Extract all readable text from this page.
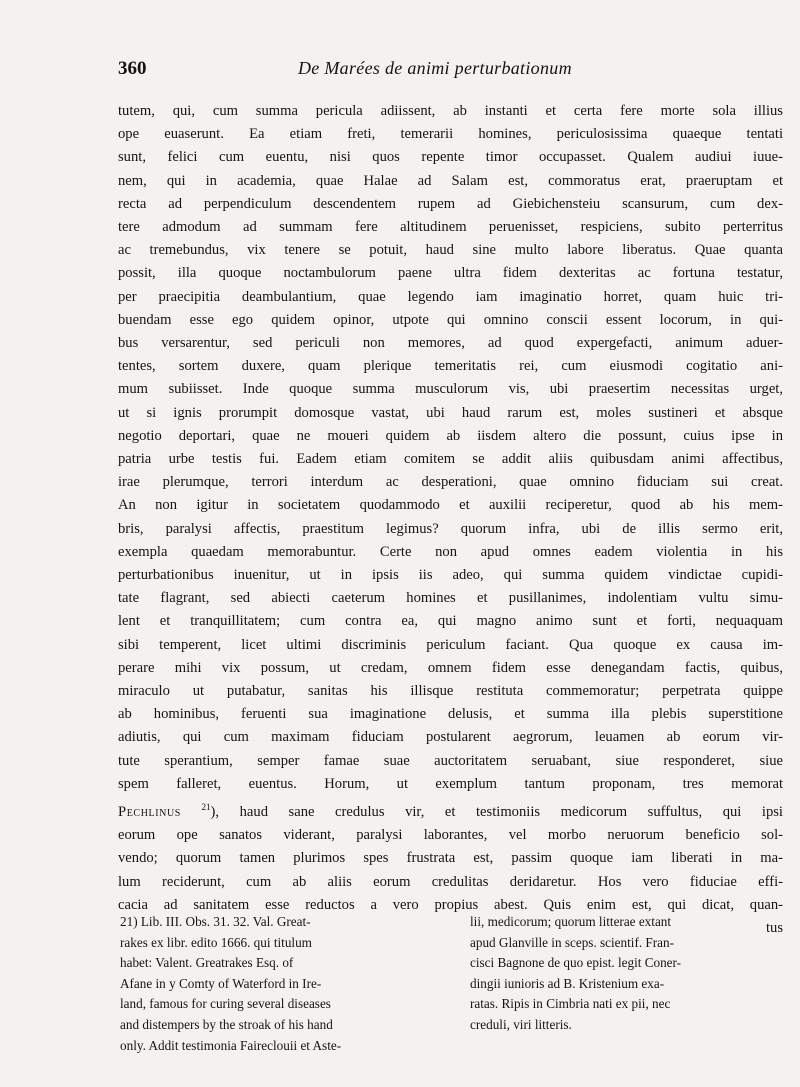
360	De Marées de animi perturbationum
tutem, qui, cum summa pericula adiissent, ab instanti et certa fere morte sola illius
ope euaserunt. Ea etiam freti, temerarii homines, periculosissima quaeque tentati
sunt, felici cum euentu, nisi quos repente timor occupasset. Qualem audiui iuue-
nem, qui in academia, quae Halae ad Salam est, commoratus erat, praeruptam et
recta ad perpendiculum descendentem rupem ad Giebichensteiu scansurum, cum dex-
tere admodum ad summam fere altitudinem peruenisset, respiciens, subito perterritus
ac tremebundus, vix tenere se potuit, haud sine multo labore liberatus. Quae quanta
possit, illa quoque noctambulorum paene ultra fidem dexteritas ac fortuna testatur,
per praecipitia deambulantium, quae legendo iam imaginatio horret, quam huic tri-
buendam esse ego quidem opinor, utpote qui omnino conscii essent locorum, in qui-
bus versarentur, sed periculi non memores, ad quod expergefacti, animum aduer-
tentes, sortem duxere, quam plerique temeritatis rei, cum eiusmodi cogitatio ani-
mum subiisset. Inde quoque summa musculorum vis, ubi praesertim necessitas urget,
ut si ignis prorumpit domosque vastat, ubi haud rarum est, moles sustineri et absque
negotio deportari, quae ne moueri quidem ab iisdem altero die possunt, cuius ipse in
patria urbe testis fui. Eadem etiam comitem se addit aliis quibusdam animi affectibus,
irae plerumque, terrori interdum ac desperationi, quae omnino fiduciam sui creat.
An non igitur in societatem quodammodo et auxilii reciperetur, quod ab his mem-
bris, paralysi affectis, praestitum legimus? quorum infra, ubi de illis sermo erit,
exempla quaedam memorabuntur. Certe non apud omnes eadem violentia in his
perturbationibus inuenitur, ut in ipsis iis adeo, qui summa quidem vindictae cupidi-
tate flagrant, sed abiecti caeterum homines et pusillanimes, indolentiam vultu simu-
lent et tranquillitatem; cum contra ea, qui magno animo sunt et forti, nequaquam
sibi temperent, licet ultimi discriminis periculum faciant. Qua quoque ex causa im-
perare mihi vix possum, ut credam, omnem fidem esse denegandam factis, quibus,
miraculo ut putabatur, sanitas his illisque restituta commemoratur; perpetrata quippe
ab hominibus, feruenti sua imaginatione delusis, et summa illa plebis superstitione
adiutis, qui cum maximam fiduciam postularent aegrorum, leuamen ab eorum vir-
tute sperantium, semper famae suae auctoritatem seruabant, siue responderet, siue
spem falleret, euentus. Horum, ut exemplum tantum proponam, tres memorat
Pechlinus $^{21}$), haud sane credulus vir, et testimoniis medicorum suffultus, qui ipsi
eorum ope sanatos viderant, paralysi laborantes, vel morbo neruorum beneficio sol-
vendo; quorum tamen plurimos spes frustrata est, passim quoque iam liberati in ma-
lum reciderunt, cum ab aliis eorum credulitas deridaretur. Hos vero fiduciae effi-
cacia ad sanitatem esse reductos a vero propius abest. Quis enim est, qui dicat, quan-
tus
21) Lib. III. Obs. 31. 32. Val. Great-
rakes ex libr. edito 1666. qui titulum
habet: Valent. Greatrakes Esq. of
Afane in y Comty of Waterford in Ire-
land, famous for curing several diseases
and distempers by the stroak of his hand
only. Addit testimonia Faireclouii et Aste-
lii, medicorum; quorum litterae extant
apud Glanville in sceps. scientif. Fran-
cisci Bagnone de quo epist. legit Coner-
dingii iunioris ad B. Kristenium exa-
ratas. Ripis in Cimbria nati ex pii, nec
creduli, viri litteris.
